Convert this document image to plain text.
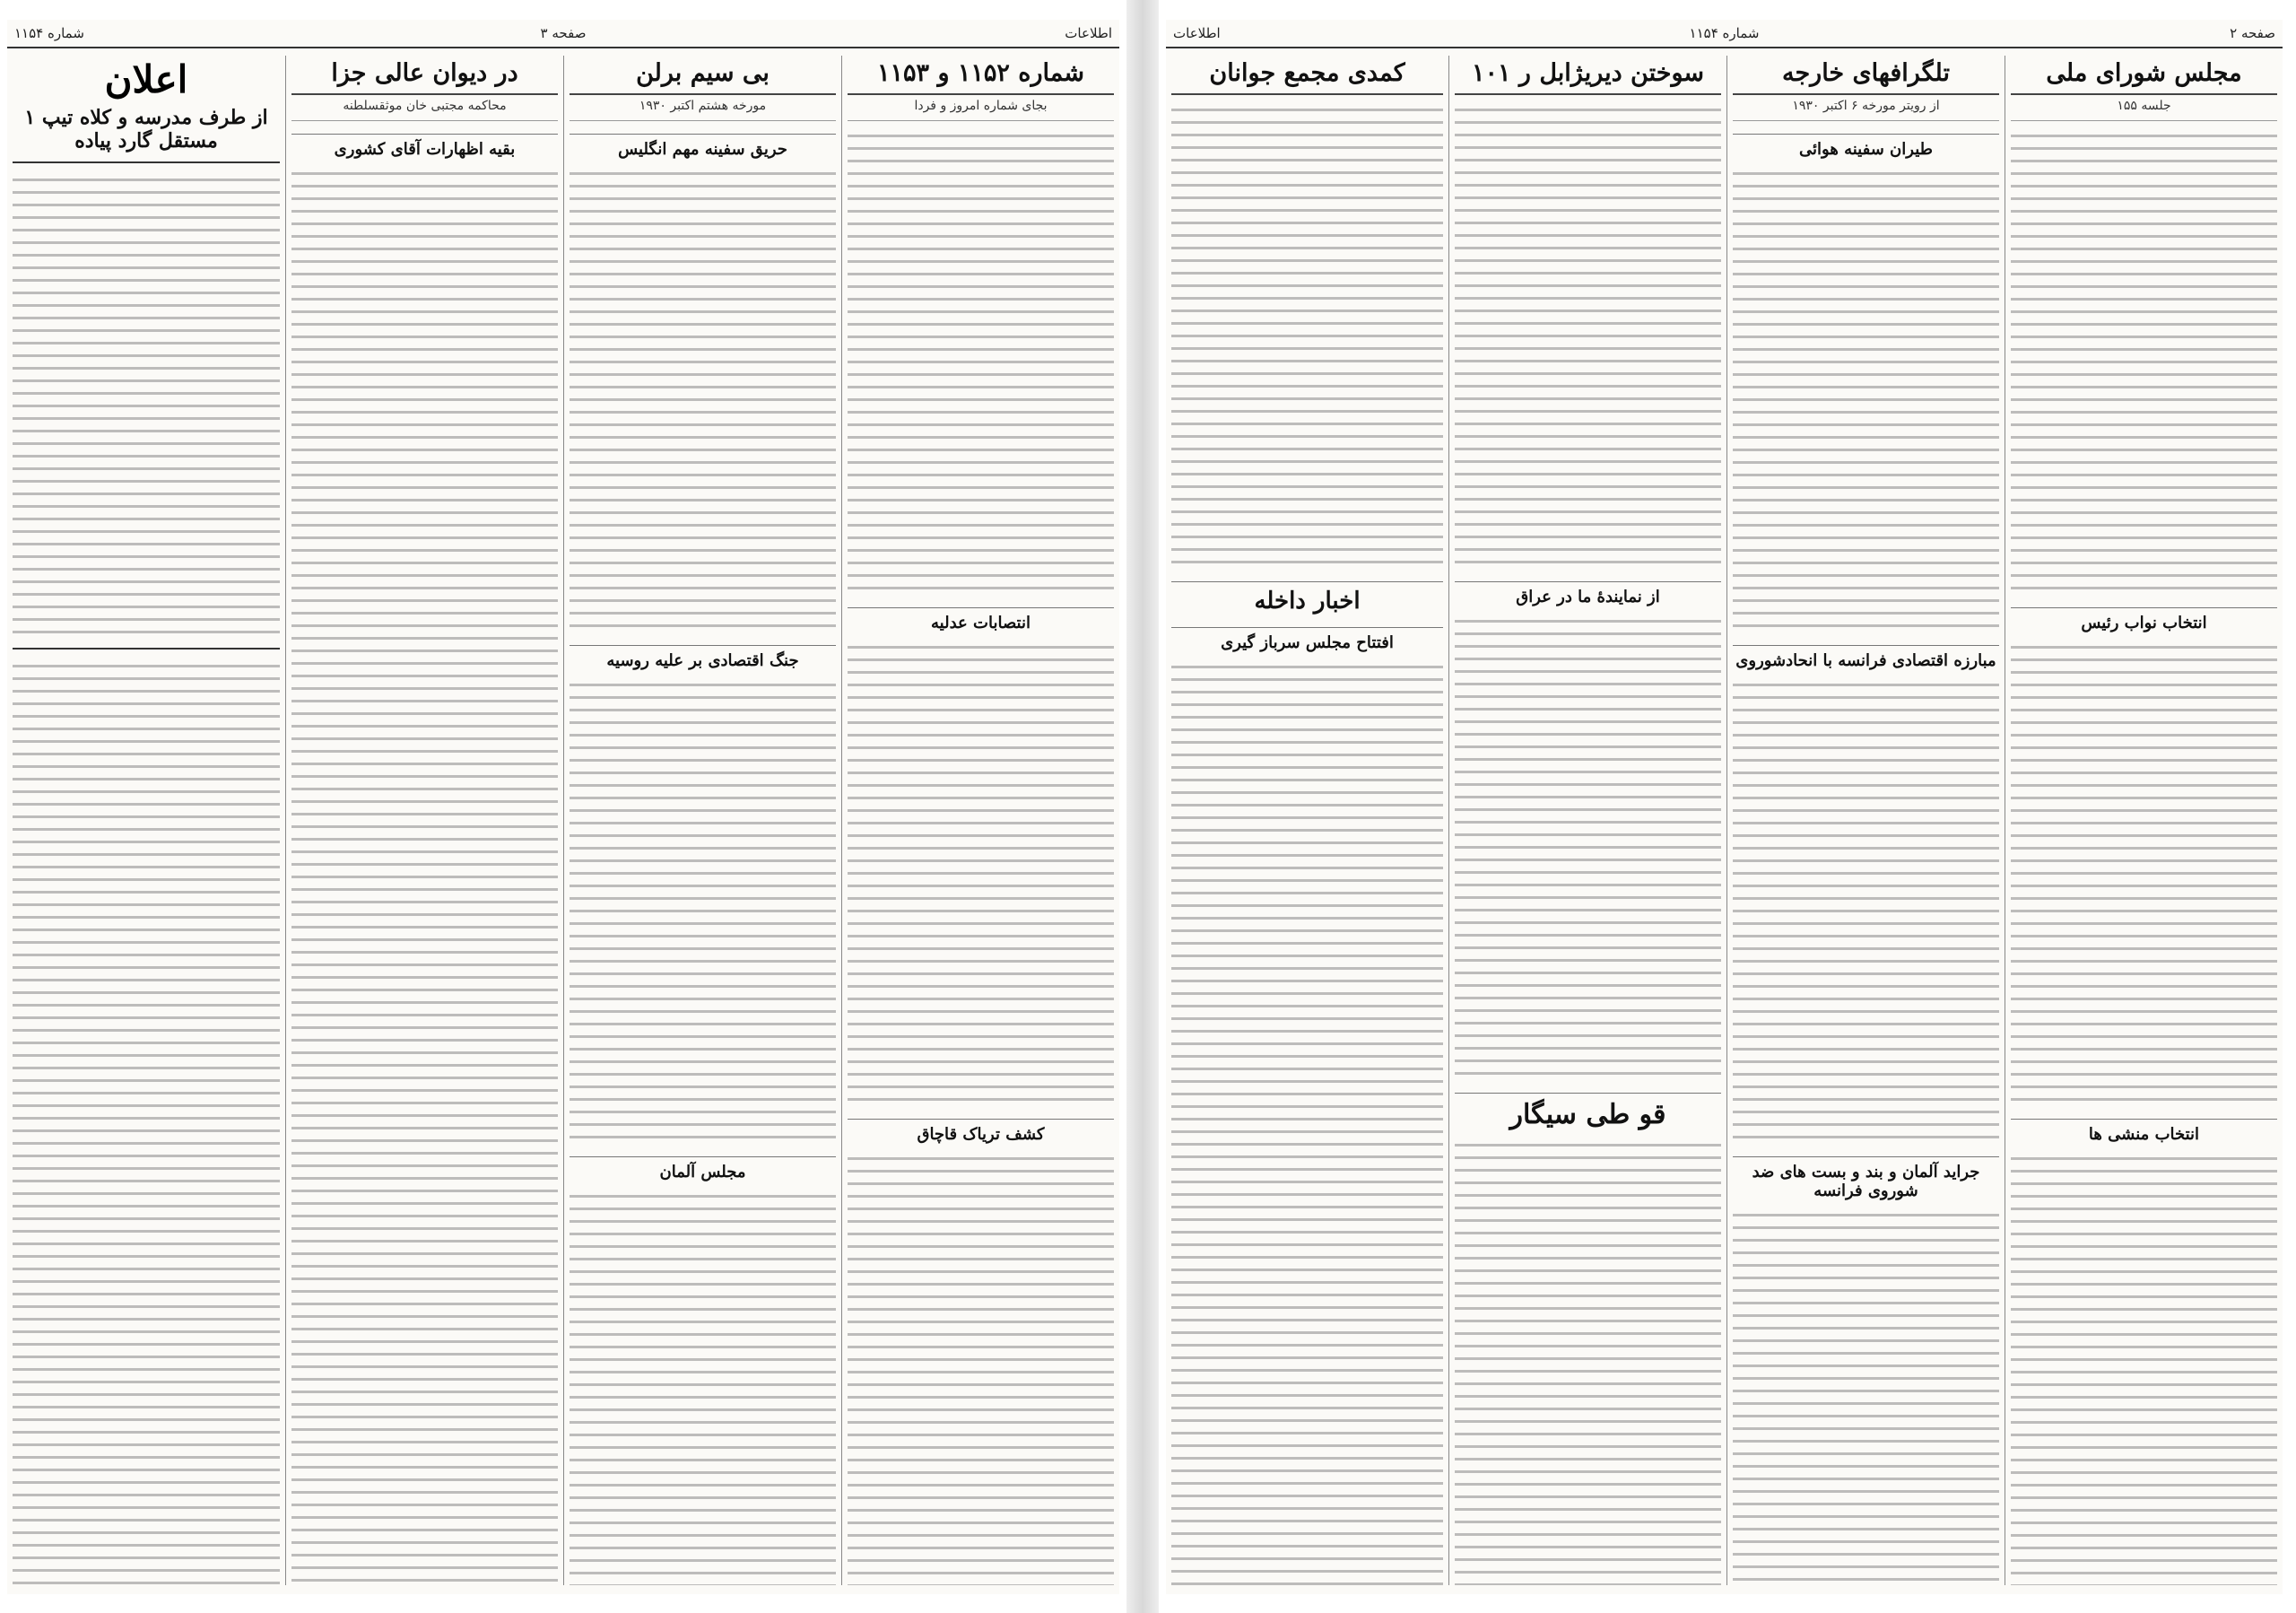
اطلاعات
صفحه ۳
شماره ۱۱۵۴
شماره ۱۱۵۲ و ۱۱۵۳
بجای شماره امروز و فردا
انتصابات عدلیه
کشف تریاک قاچاق
بی سیم برلن
مورخه هشتم اکتبر ۱۹۳۰
حریق سفینه مهم انگلیس
جنگ اقتصادی بر علیه روسیه
مجلس آلمان
در دیوان عالی جزا
محاکمه مجتبی خان موثقسلطنه
بقیه اظهارات آقای کشوری
اعلان
از طرف مدرسه و کلاه تیپ ۱ مستقل گارد پیاده
صفحه ۲
شماره ۱۱۵۴
اطلاعات
مجلس شورای ملی
جلسه ۱۵۵
انتخاب نواب رئیس
انتخاب منشی ها
تلگرافهای خارجه
از رویتر مورخه ۶ اکتبر ۱۹۳۰
طیران سفینه هوائی
مبارزه اقتصادی فرانسه با انحادشوروی
جراید آلمان و بند و بست های ضد شوروی فرانسه
سوختن دیریژابل ر ۱۰۱
از نمایندهٔ ما در عراق
قو طی سیگار
کمدی مجمع جوانان
اخبار داخله
افتتاح مجلس سرباز گیری
